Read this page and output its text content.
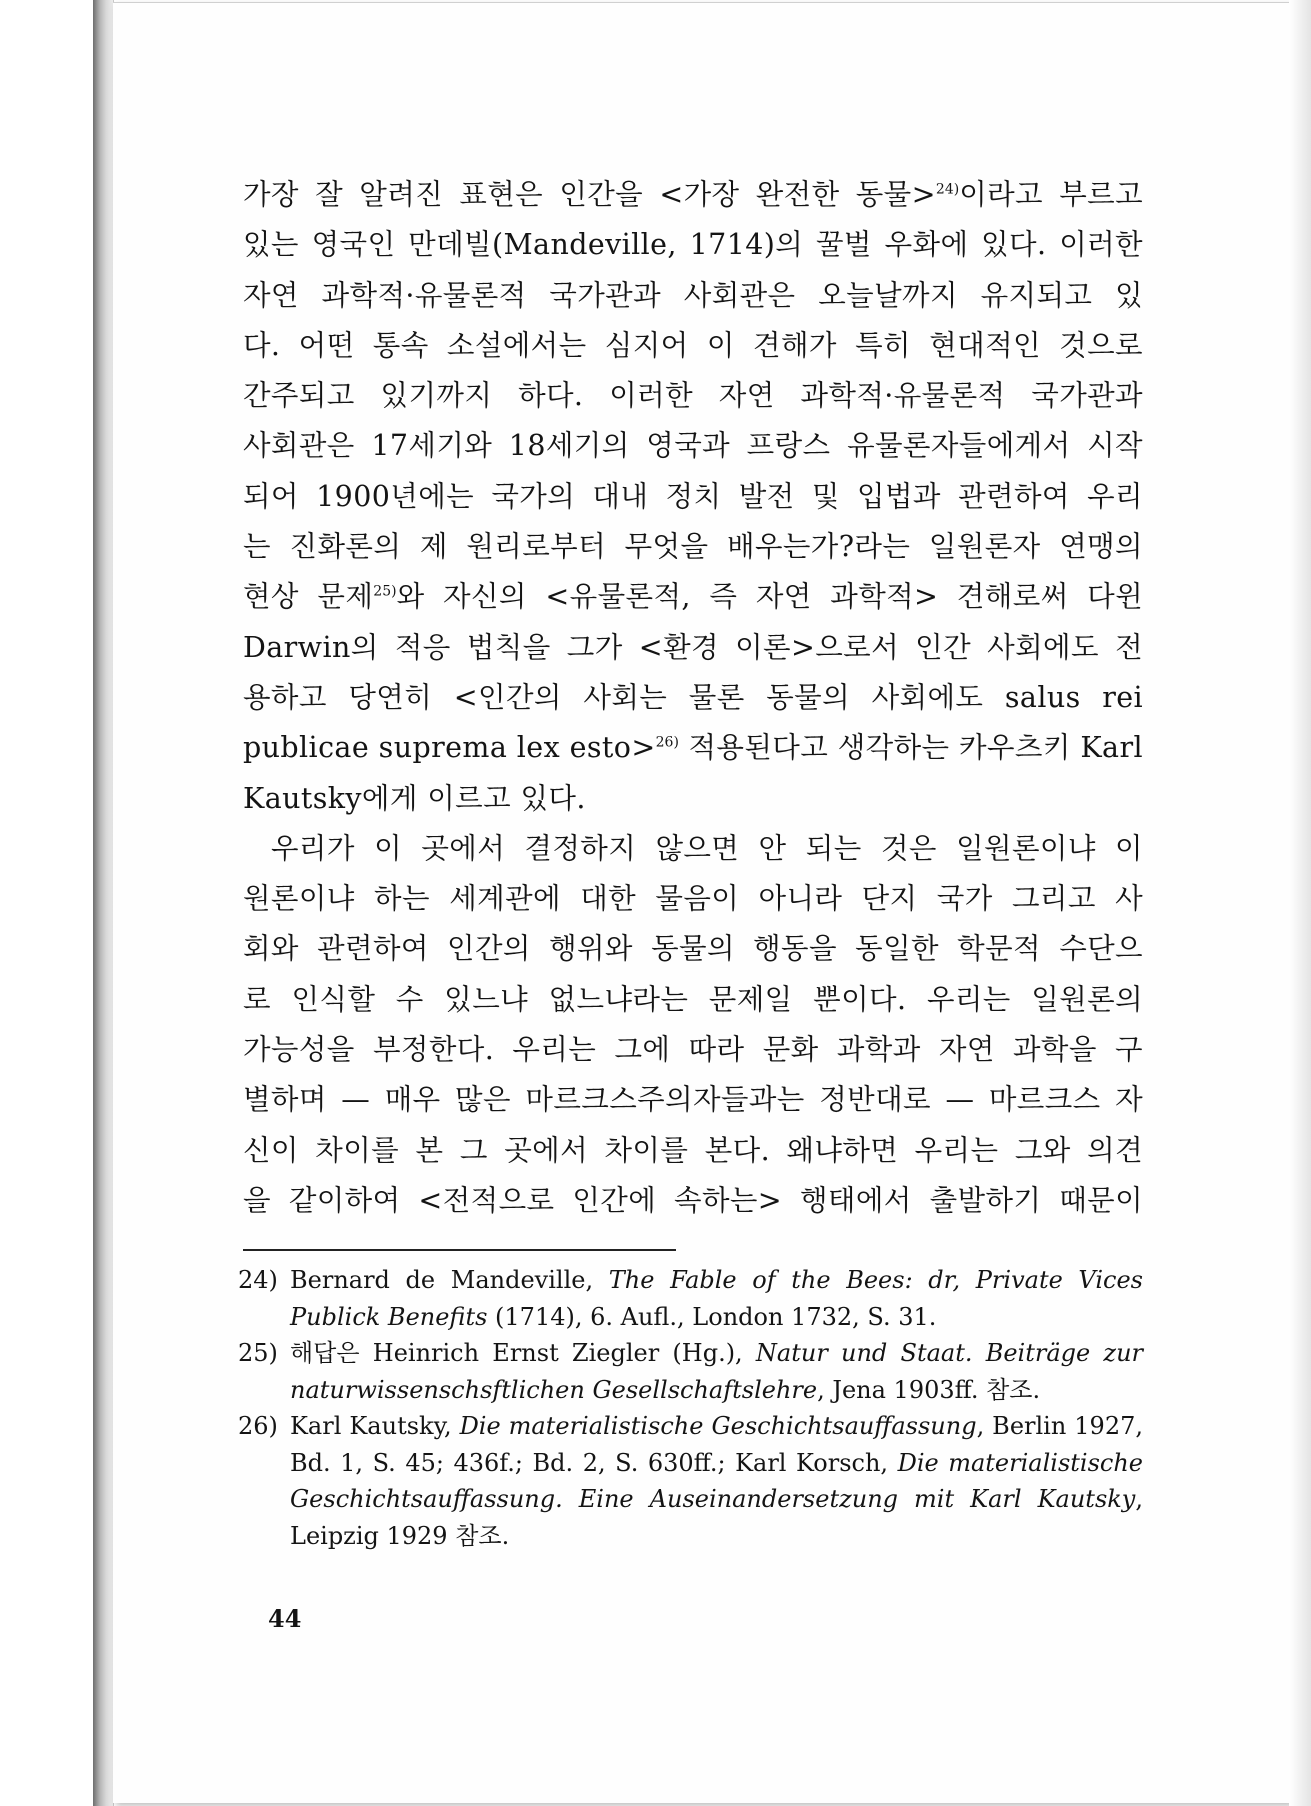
가장 잘 알려진 표현은 인간을 <가장 완전한 동물>$^{24)}$이라고 부르고
있는 영국인 만데빌(Mandeville, 1714)의 꿀벌 우화에 있다. 이러한
자연 과학적·유물론적 국가관과 사회관은 오늘날까지 유지되고 있
다. 어떤 통속 소설에서는 심지어 이 견해가 특히 현대적인 것으로
간주되고 있기까지 하다. 이러한 자연 과학적·유물론적 국가관과
사회관은 17세기와 18세기의 영국과 프랑스 유물론자들에게서 시작
되어 1900년에는 국가의 대내 정치 발전 및 입법과 관련하여 우리
는 진화론의 제 원리로부터 무엇을 배우는가?라는 일원론자 연맹의
현상 문제$^{25)}$와 자신의 <유물론적, 즉 자연 과학적> 견해로써 다윈
Darwin의 적응 법칙을 그가 <환경 이론>으로서 인간 사회에도 전
용하고 당연히 <인간의 사회는 물론 동물의 사회에도 salus rei
publicae suprema lex esto>$^{26)}$ 적용된다고 생각하는 카우츠키 Karl
Kautsky에게 이르고 있다.

우리가 이 곳에서 결정하지 않으면 안 되는 것은 일원론이냐 이
원론이냐 하는 세계관에 대한 물음이 아니라 단지 국가 그리고 사
회와 관련하여 인간의 행위와 동물의 행동을 동일한 학문적 수단으
로 인식할 수 있느냐 없느냐라는 문제일 뿐이다. 우리는 일원론의
가능성을 부정한다. 우리는 그에 따라 문화 과학과 자연 과학을 구
별하며 — 매우 많은 마르크스주의자들과는 정반대로 — 마르크스 자
신이 차이를 본 그 곳에서 차이를 본다. 왜냐하면 우리는 그와 의견
을 같이하여 <전적으로 인간에 속하는> 행태에서 출발하기 때문이

24) Bernard de Mandeville, The Fable of the Bees: dr, Private Vices Publick Benefits (1714), 6. Aufl., London 1732, S. 31.
25) 해답은 Heinrich Ernst Ziegler (Hg.), Natur und Staat. Beiträge zur naturwissenschsftlichen Gesellschaftslehre, Jena 1903ff. 참조.
26) Karl Kautsky, Die materialistische Geschichtsauffassung, Berlin 1927, Bd. 1, S. 45; 436f.; Bd. 2, S. 630ff.; Karl Korsch, Die materialistische Geschichtsauffassung. Eine Auseinandersetzung mit Karl Kautsky, Leipzig 1929 참조.
44
